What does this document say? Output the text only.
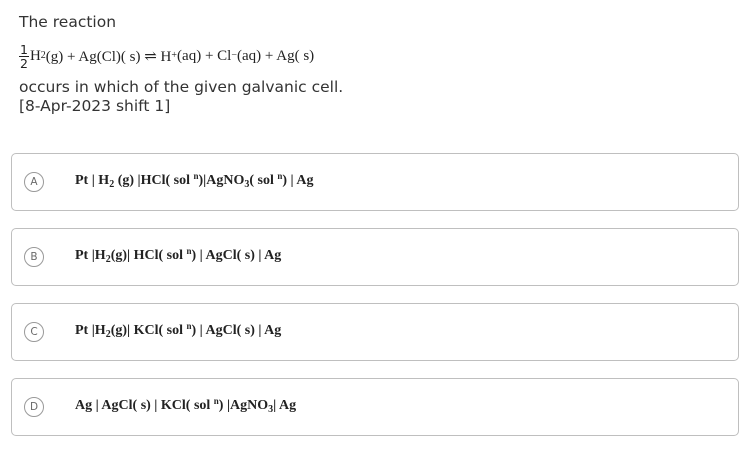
The reaction
$\frac{1}{2}$ H 2 (g) + Ag(Cl)( s) ⇌ H + (aq) + Cl − (aq) + Ag( s)
occurs in which of the given galvanic cell.
[8-Apr-2023 shift 1]
A	Pt | $H_2$ (g) |HCl( sol $^n$)|AgNO$_3$( sol $^n$) | Ag
B	Pt $|H_2(g)|$ HCl( sol $^n$) | AgCl( s) | Ag
C	Pt $|H_2(g)|$ KCl( sol $^n$) | AgCl( s) | Ag
D	Ag | AgCl( s) | KCl( sol $^n$) |AgNO$_3$| Ag
